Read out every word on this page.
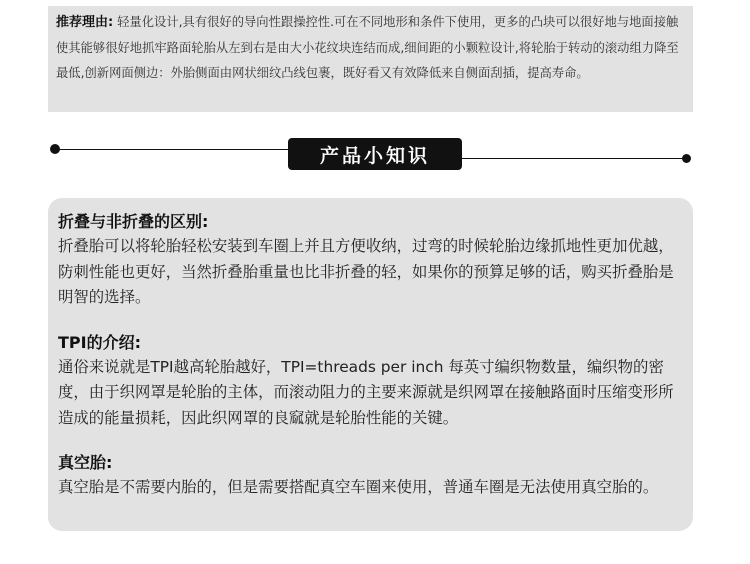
推荐理由: 轻量化设计,具有很好的导向性跟操控性.可在不同地形和条件下使用，更多的凸块可以很好地与地面接触使其能够很好地抓牢路面轮胎从左到右是由大小花纹块连结而成,细间距的小颗粒设计,将轮胎于转动的滚动组力降至最低,创新网面侧边：外胎侧面由网状细纹凸线包裹，既好看又有效降低来自侧面刮插，提高寿命。
产品小知识
折叠与非折叠的区别:
折叠胎可以将轮胎轻松安装到车圈上并且方便收纳，过弯的时候轮胎边缘抓地性更加优越，防刺性能也更好，当然折叠胎重量也比非折叠的轻，如果你的预算足够的话，购买折叠胎是明智的选择。
TPI的介绍:
通俗来说就是TPI越高轮胎越好，TPI=threads per inch 每英寸编织物数量，编织物的密度，由于织网罩是轮胎的主体，而滚动阻力的主要来源就是织网罩在接触路面时压缩变形所造成的能量损耗，因此织网罩的良窳就是轮胎性能的关键。
真空胎:
真空胎是不需要内胎的，但是需要搭配真空车圈来使用，普通车圈是无法使用真空胎的。
